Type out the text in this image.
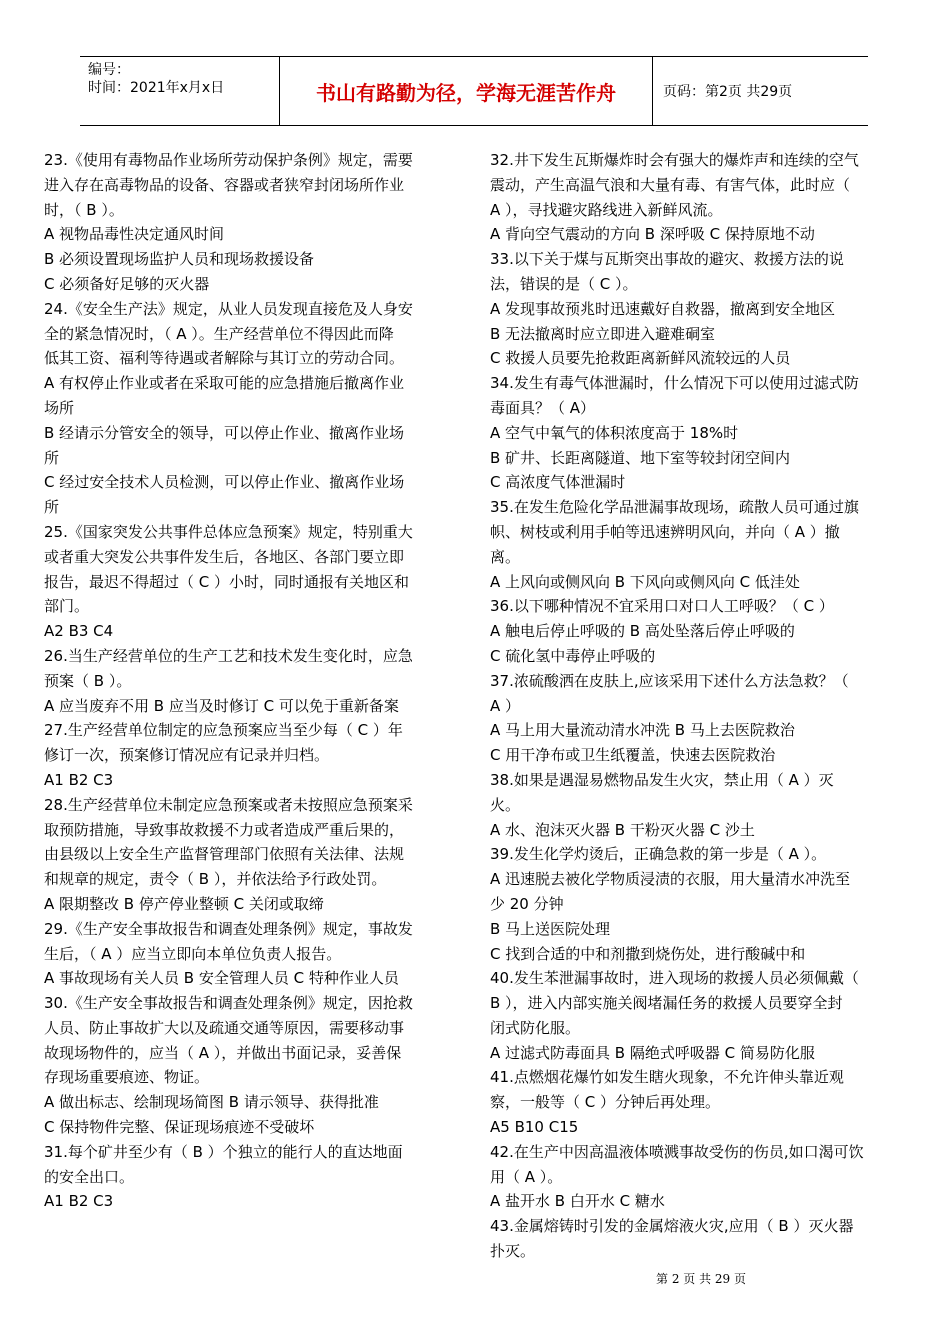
编号：
时间：2021年x月x日	书山有路勤为径，学海无涯苦作舟	页码：第2页 共29页

23.《使用有毒物品作业场所劳动保护条例》规定，需要

进入存在高毒物品的设备、容器或者狭窄封闭场所作业

时，（ B ）。

A 视物品毒性决定通风时间

B 必须设置现场监护人员和现场救援设备

C 必须备好足够的灭火器

24.《安全生产法》规定，从业人员发现直接危及人身安

全的紧急情况时，（ A ）。生产经营单位不得因此而降

低其工资、福利等待遇或者解除与其订立的劳动合同。

A 有权停止作业或者在采取可能的应急措施后撤离作业

场所

B 经请示分管安全的领导，可以停止作业、撤离作业场

所

C 经过安全技术人员检测，可以停止作业、撤离作业场

所

25.《国家突发公共事件总体应急预案》规定，特别重大

或者重大突发公共事件发生后，各地区、各部门要立即

报告，最迟不得超过（ C ）小时，同时通报有关地区和

部门。

A2 B3 C4

26.当生产经营单位的生产工艺和技术发生变化时，应急

预案（ B ）。

A 应当废弃不用 B 应当及时修订 C 可以免于重新备案

27.生产经营单位制定的应急预案应当至少每（ C ）年

修订一次，预案修订情况应有记录并归档。

A1 B2 C3

28.生产经营单位未制定应急预案或者未按照应急预案采

取预防措施，导致事故救援不力或者造成严重后果的，

由县级以上安全生产监督管理部门依照有关法律、法规

和规章的规定，责令（ B ），并依法给予行政处罚。

A 限期整改 B 停产停业整顿 C 关闭或取缔

29.《生产安全事故报告和调查处理条例》规定，事故发

生后，（ A ）应当立即向本单位负责人报告。

A 事故现场有关人员 B 安全管理人员 C 特种作业人员

30.《生产安全事故报告和调查处理条例》规定，因抢救

人员、防止事故扩大以及疏通交通等原因，需要移动事

故现场物件的，应当（ A ），并做出书面记录，妥善保

存现场重要痕迹、物证。

A 做出标志、绘制现场简图 B 请示领导、获得批准

C 保持物件完整、保证现场痕迹不受破坏

31.每个矿井至少有（ B ）个独立的能行人的直达地面

的安全出口。

A1 B2 C3

32.井下发生瓦斯爆炸时会有强大的爆炸声和连续的空气

震动，产生高温气浪和大量有毒、有害气体，此时应（

A ），寻找避灾路线进入新鲜风流。

A 背向空气震动的方向 B 深呼吸 C 保持原地不动

33.以下关于煤与瓦斯突出事故的避灾、救援方法的说

法，错误的是（ C ）。

A 发现事故预兆时迅速戴好自救器，撤离到安全地区

B 无法撤离时应立即进入避难硐室

C 救援人员要先抢救距离新鲜风流较远的人员

34.发生有毒气体泄漏时，什么情况下可以使用过滤式防

毒面具？（ A）

A 空气中氧气的体积浓度高于 18%时

B 矿井、长距离隧道、地下室等较封闭空间内

C 高浓度气体泄漏时

35.在发生危险化学品泄漏事故现场，疏散人员可通过旗

帜、树枝或利用手帕等迅速辨明风向，并向（ A ）撤

离。

A 上风向或侧风向 B 下风向或侧风向 C 低洼处

36.以下哪种情况不宜采用口对口人工呼吸？（ C ）

A 触电后停止呼吸的 B 高处坠落后停止呼吸的

C 硫化氢中毒停止呼吸的

37.浓硫酸洒在皮肤上,应该采用下述什么方法急救？（

A ）

A 马上用大量流动清水冲洗 B 马上去医院救治

C 用干净布或卫生纸覆盖，快速去医院救治

38.如果是遇湿易燃物品发生火灾，禁止用（ A ）灭

火。

A 水、泡沫灭火器 B 干粉灭火器 C 沙土

39.发生化学灼烫后，正确急救的第一步是（ A ）。

A 迅速脱去被化学物质浸渍的衣服，用大量清水冲洗至

少 20 分钟

B 马上送医院处理

C 找到合适的中和剂撒到烧伤处，进行酸碱中和

40.发生苯泄漏事故时，进入现场的救援人员必须佩戴（

B ），进入内部实施关阀堵漏任务的救援人员要穿全封

闭式防化服。

A 过滤式防毒面具 B 隔绝式呼吸器 C 简易防化服

41.点燃烟花爆竹如发生瞎火现象，不允许伸头靠近观

察，一般等（ C ）分钟后再处理。

A5 B10 C15

42.在生产中因高温液体喷溅事故受伤的伤员,如口渴可饮

用（ A ）。

A 盐开水 B 白开水 C 糖水

43.金属熔铸时引发的金属熔液火灾,应用（ B ）灭火器

扑灭。

第 2 页 共 29 页
